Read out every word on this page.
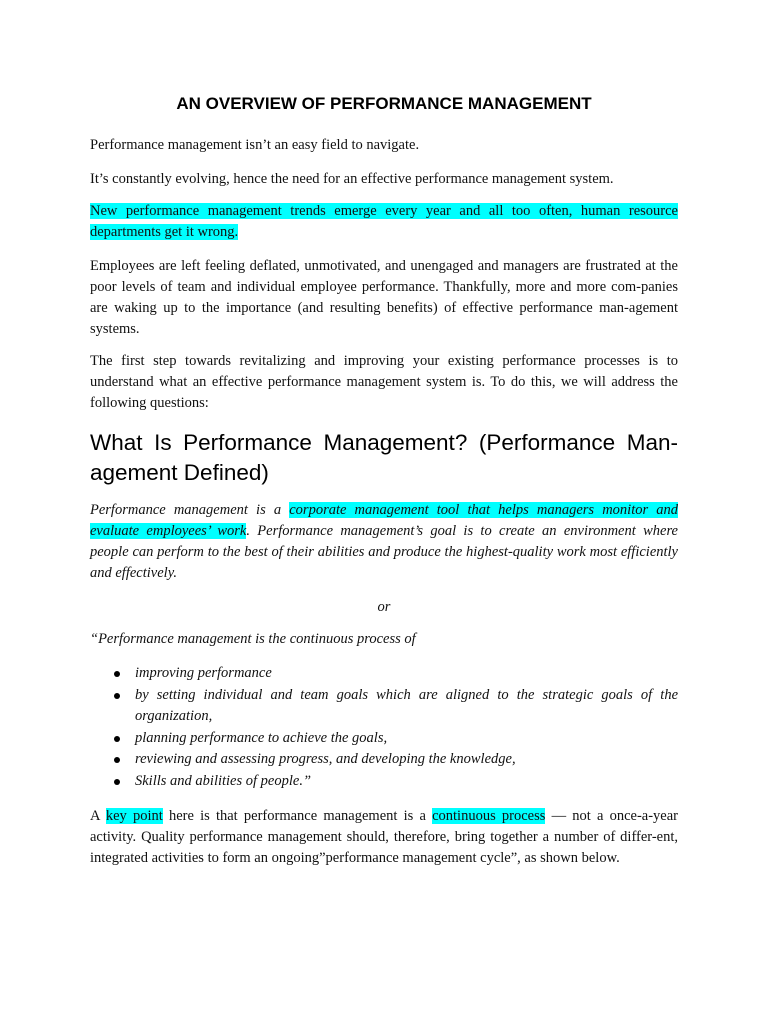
AN OVERVIEW OF PERFORMANCE MANAGEMENT

Performance management isn’t an easy field to navigate.

It’s constantly evolving, hence the need for an effective performance management system.

New performance management trends emerge every year and all too often, human resource departments get it wrong.

Employees are left feeling deflated, unmotivated, and unengaged and managers are frustrated at the poor levels of team and individual employee performance. Thankfully, more and more com-panies are waking up to the importance (and resulting benefits) of effective performance man-agement systems.

The first step towards revitalizing and improving your existing performance processes is to understand what an effective performance management system is. To do this, we will address the following questions:

What Is Performance Management? (Performance Man-agement Defined)

Performance management is a corporate management tool that helps managers monitor and evaluate employees’ work. Performance management’s goal is to create an environment where people can perform to the best of their abilities and produce the highest-quality work most efficiently and effectively.

or

“Performance management is the continuous process of

improving performance
by setting individual and team goals which are aligned to the strategic goals of the organization,
planning performance to achieve the goals,
reviewing and assessing progress, and developing the knowledge,
Skills and abilities of people.”

A key point here is that performance management is a continuous process — not a once-a-year activity. Quality performance management should, therefore, bring together a number of differ-ent, integrated activities to form an ongoing”performance management cycle”, as shown below.
